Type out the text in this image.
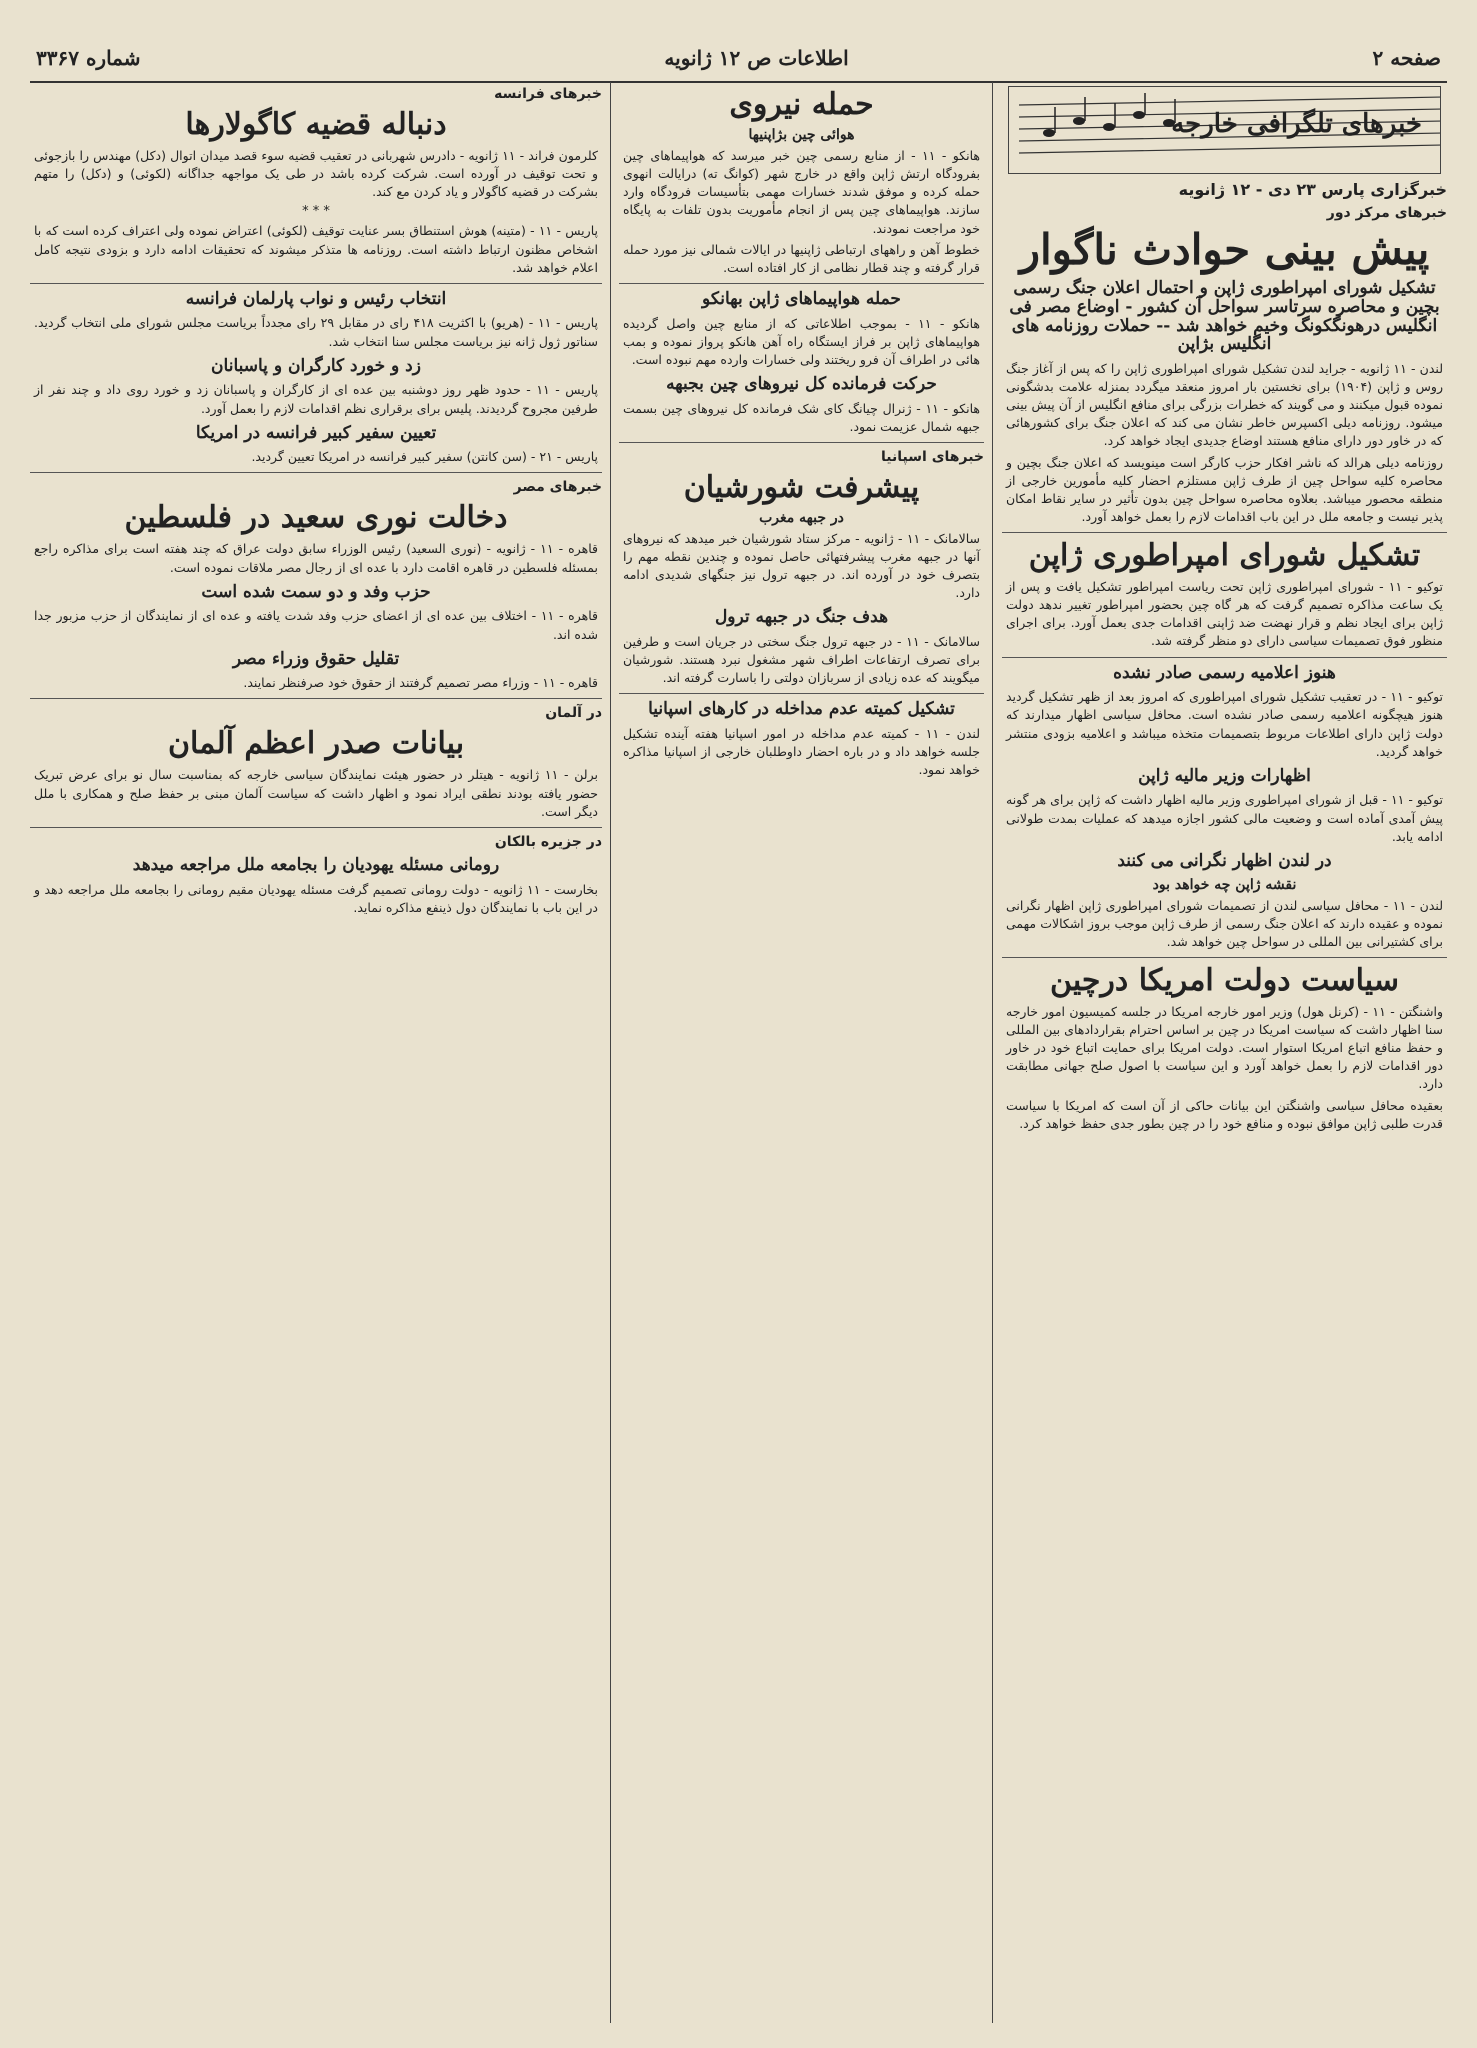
صفحه ۲
اطلاعات ص ۱۲ ژانویه
شماره ۳۳۶۷
خبرهای تلگرافی خارجه
خبرگزاری پارس ۲۳ دی - ۱۲ ژانویه
خبرهای مرکز دور
پیش بینی حوادث ناگوار
تشکیل شورای امپراطوری ژاپن و احتمال اعلان جنگ رسمی بچین و محاصره سرتاسر سواحل آن کشور - اوضاع مصر فی انگلیس درهونگکونگ وخیم خواهد شد -- حملات روزنامه های انگلیس بژاپن
لندن - ۱۱ ژانویه - جراید لندن تشکیل شورای امپراطوری ژاپن را که پس از آغاز جنگ روس و ژاپن (۱۹۰۴) برای نخستین بار امروز منعقد میگردد بمنزله علامت بدشگونی نموده قبول میکنند و می گویند که خطرات بزرگی برای منافع انگلیس از آن پیش بینی میشود. روزنامه دیلی اکسپرس خاطر نشان می کند که اعلان جنگ برای کشورهائی که در خاور دور دارای منافع هستند اوضاع جدیدی ایجاد خواهد کرد.
روزنامه دیلی هرالد که ناشر افکار حزب کارگر است مینویسد که اعلان جنگ بچین و محاصره کلیه سواحل چین از طرف ژاپن مستلزم احضار کلیه مأمورین خارجی از منطقه محصور میباشد. بعلاوه محاصره سواحل چین بدون تأثیر در سایر نقاط امکان پذیر نیست و جامعه ملل در این باب اقدامات لازم را بعمل خواهد آورد.
تشکیل شورای امپراطوری ژاپن
توکیو - ۱۱ - شورای امپراطوری ژاپن تحت ریاست امپراطور تشکیل یافت و پس از یک ساعت مذاکره تصمیم گرفت که هر گاه چین بحضور امپراطور تغییر ندهد دولت ژاپن برای ایجاد نظم و قرار نهضت ضد ژاپنی اقدامات جدی بعمل آورد. برای اجرای منظور فوق تصمیمات سیاسی دارای دو منظر گرفته شد.
هنوز اعلامیه رسمی صادر نشده
توکیو - ۱۱ - در تعقیب تشکیل شورای امپراطوری که امروز بعد از ظهر تشکیل گردید هنوز هیچگونه اعلامیه رسمی صادر نشده است. محافل سیاسی اظهار میدارند که دولت ژاپن دارای اطلاعات مربوط بتصمیمات متخذه میباشد و اعلامیه بزودی منتشر خواهد گردید.
اظهارات وزیر مالیه ژاپن
توکیو - ۱۱ - قبل از شورای امپراطوری وزیر مالیه اظهار داشت که ژاپن برای هر گونه پیش آمدی آماده است و وضعیت مالی کشور اجازه میدهد که عملیات بمدت طولانی ادامه یابد.
در لندن اظهار نگرانی می کنند
نقشه ژاپن چه خواهد بود
لندن - ۱۱ - محافل سیاسی لندن از تصمیمات شورای امپراطوری ژاپن اظهار نگرانی نموده و عقیده دارند که اعلان جنگ رسمی از طرف ژاپن موجب بروز اشکالات مهمی برای کشتیرانی بین المللی در سواحل چین خواهد شد.
سیاست دولت امریکا درچین
واشنگتن - ۱۱ - (کرنل هول) وزیر امور خارجه امریکا در جلسه کمیسیون امور خارجه سنا اظهار داشت که سیاست امریکا در چین بر اساس احترام بقراردادهای بین المللی و حفظ منافع اتباع امریکا استوار است. دولت امریکا برای حمایت اتباع خود در خاور دور اقدامات لازم را بعمل خواهد آورد و این سیاست با اصول صلح جهانی مطابقت دارد.
بعقیده محافل سیاسی واشنگتن این بیانات حاکی از آن است که امریکا با سیاست قدرت طلبی ژاپن موافق نبوده و منافع خود را در چین بطور جدی حفظ خواهد کرد.
حمله نیروی
هوائی چین بژاپنیها
هانکو - ۱۱ - از منابع رسمی چین خبر میرسد که هواپیماهای چین بفرودگاه ارتش ژاپن واقع در خارج شهر (کوانگ ته) درایالت انهوی حمله کرده و موفق شدند خسارات مهمی بتأسیسات فرودگاه وارد سازند. هواپیماهای چین پس از انجام مأموریت بدون تلفات به پایگاه خود مراجعت نمودند.
خطوط آهن و راههای ارتباطی ژاپنیها در ایالات شمالی نیز مورد حمله قرار گرفته و چند قطار نظامی از کار افتاده است.
حمله هواپیماهای ژاپن بهانکو
هانکو - ۱۱ - بموجب اطلاعاتی که از منابع چین واصل گردیده هواپیماهای ژاپن بر فراز ایستگاه راه آهن هانکو پرواز نموده و بمب هائی در اطراف آن فرو ریختند ولی خسارات وارده مهم نبوده است.
حرکت فرمانده کل نیروهای چین بجبهه
هانکو - ۱۱ - ژنرال چیانگ کای شک فرمانده کل نیروهای چین بسمت جبهه شمال عزیمت نمود.
خبرهای اسپانیا
پیشرفت شورشیان
در جبهه مغرب
سالامانک - ۱۱ - ژانویه - مرکز ستاد شورشیان خبر میدهد که نیروهای آنها در جبهه مغرب پیشرفتهائی حاصل نموده و چندین نقطه مهم را بتصرف خود در آورده اند. در جبهه ترول نیز جنگهای شدیدی ادامه دارد.
هدف جنگ در جبهه ترول
سالامانک - ۱۱ - در جبهه ترول جنگ سختی در جریان است و طرفین برای تصرف ارتفاعات اطراف شهر مشغول نبرد هستند. شورشیان میگویند که عده زیادی از سربازان دولتی را باسارت گرفته اند.
تشکیل کمیته عدم مداخله در کارهای اسپانیا
لندن - ۱۱ - کمیته عدم مداخله در امور اسپانیا هفته آینده تشکیل جلسه خواهد داد و در باره احضار داوطلبان خارجی از اسپانیا مذاکره خواهد نمود.
خبرهای فرانسه
دنباله قضیه کاگولارها
کلرمون فراند - ۱۱ ژانویه - دادرس شهربانی در تعقیب قضیه سوء قصد میدان اتوال (دکل) مهندس را بازجوئی و تحت توقیف در آورده است. شرکت کرده باشد در طی یک مواجهه جداگانه (لکوئی) و (دکل) را متهم بشرکت در قضیه کاگولار و یاد کردن مع کند.
* * *
پاریس - ۱۱ - (متینه) هوش استنطاق بسر عنایت توقیف (لکوئی) اعتراض نموده ولی اعتراف کرده است که با اشخاص مظنون ارتباط داشته است. روزنامه ها متذکر میشوند که تحقیقات ادامه دارد و بزودی نتیجه کامل اعلام خواهد شد.
انتخاب رئیس و نواب پارلمان فرانسه
پاریس - ۱۱ - (هریو) با اکثریت ۴۱۸ رای در مقابل ۲۹ رای مجدداً بریاست مجلس شورای ملی انتخاب گردید. سناتور ژول ژانه نیز بریاست مجلس سنا انتخاب شد.
زد و خورد کارگران و پاسبانان
پاریس - ۱۱ - حدود ظهر روز دوشنبه بین عده ای از کارگران و پاسبانان زد و خورد روی داد و چند نفر از طرفین مجروح گردیدند. پلیس برای برقراری نظم اقدامات لازم را بعمل آورد.
تعیین سفیر کبیر فرانسه در امریکا
پاریس - ۲۱ - (سن کانتن) سفیر کبیر فرانسه در امریکا تعیین گردید.
خبرهای مصر
دخالت نوری سعید در فلسطین
قاهره - ۱۱ - ژانویه - (نوری السعید) رئیس الوزراء سابق دولت عراق که چند هفته است برای مذاکره راجع بمسئله فلسطین در قاهره اقامت دارد با عده ای از رجال مصر ملاقات نموده است.
حزب وفد و دو سمت شده است
قاهره - ۱۱ - اختلاف بین عده ای از اعضای حزب وفد شدت یافته و عده ای از نمایندگان از حزب مزبور جدا شده اند.
تقلیل حقوق وزراء مصر
قاهره - ۱۱ - وزراء مصر تصمیم گرفتند از حقوق خود صرفنظر نمایند.
در آلمان
بیانات صدر اعظم آلمان
برلن - ۱۱ ژانویه - هیتلر در حضور هیئت نمایندگان سیاسی خارجه که بمناسبت سال نو برای عرض تبریک حضور یافته بودند نطقی ایراد نمود و اظهار داشت که سیاست آلمان مبنی بر حفظ صلح و همکاری با ملل دیگر است.
در جزیره بالکان
رومانی مسئله یهودیان را بجامعه ملل مراجعه میدهد
بخارست - ۱۱ ژانویه - دولت رومانی تصمیم گرفت مسئله یهودیان مقیم رومانی را بجامعه ملل مراجعه دهد و در این باب با نمایندگان دول ذینفع مذاکره نماید.
